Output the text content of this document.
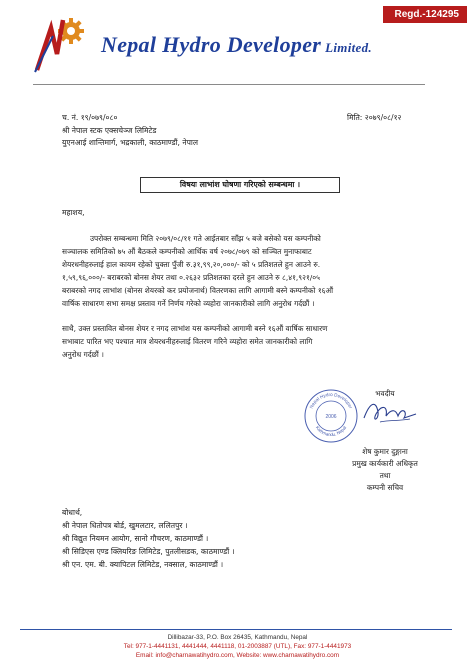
Regd.-124295
Nepal Hydro Developer Limited.
च. नं. १९/०७९/०८०	मिति: २०७९/०८/१२
श्री नेपाल स्टक एक्सचेञ्ज लिमिटेड
युएनआई शान्तिमार्ग, भद्रकाली, काठमाण्डौं, नेपाल
विषयः लाभांश घोषणा गरिएको सम्बन्धमा ।
महाशय,
उपरोक्त सम्बन्धमा मिति २०७९/०८/११ गते आईतबार साँझ ५ बजे बसेको यस कम्पनीको
सञ्चालक समितिको ७५ औं बैठकले कम्पनीको आर्थिक वर्ष २०७८/०७९ को सञ्चित मुनाफाबाट
शेयरधनीहरुलाई हाल कायम रहेको चुक्ता पुँजी रु.३१,९९,२०,०००/- को ५ प्रतिशतले हुन आउने रु.
१,५९,९६,०००/- बराबरको बोनस शेयर तथा ०.२६३२ प्रतिशतका दरले हुन आउने रु ८,४१,९२१/०५
बराबरको नगद लाभांश (बोनस शेयरको कर प्रयोजनार्थ) वितरणका लागि आगामी बस्ने कम्पनीको १६औं
वार्षिक साधारण सभा समक्ष प्रस्ताव गर्ने निर्णय गरेको व्यहोरा जानकारीको लागि अनुरोध गर्दछौं ।
साथै, उक्त प्रस्तावित बोनस शेयर र नगद लाभांश यस कम्पनीको आगामी बस्ने १६औं वार्षिक साधारण
सभाबाट पारित भए पश्चात मात्र शेयरधनीहरुलाई वितरण गरिने व्यहोरा समेत जानकारीको लागि
अनुरोध गर्दछौं ।
Nepal Hydro Developer
Kathmandu, Nepal
2006
भवदीय
शेष कुमार दुङ्गाना
प्रमुख कार्यकारी अधिकृत
तथा
कम्पनी सचिव
बोधार्थ,
श्री नेपाल धितोपत्र बोर्ड, खुमलटार, ललितपुर ।
श्री विद्युत नियमन आयोग, सानो गौचरण, काठमाण्डौं ।
श्री सिडिएस एण्ड क्लियरिङ लिमिटेड, पुतलीसडक, काठमाण्डौं ।
श्री एन. एम. बी. क्यापिटल लिमिटेड, नक्साल, काठमाण्डौं ।
Dillibazar-33, P.O. Box 26435, Kathmandu, Nepal
Tel: 977-1-4441131, 4441444, 4441118, 01-2003887 (UTL), Fax: 977-1-4441973
Email: info@charnawatihydro.com, Website: www.charnawatihydro.com
